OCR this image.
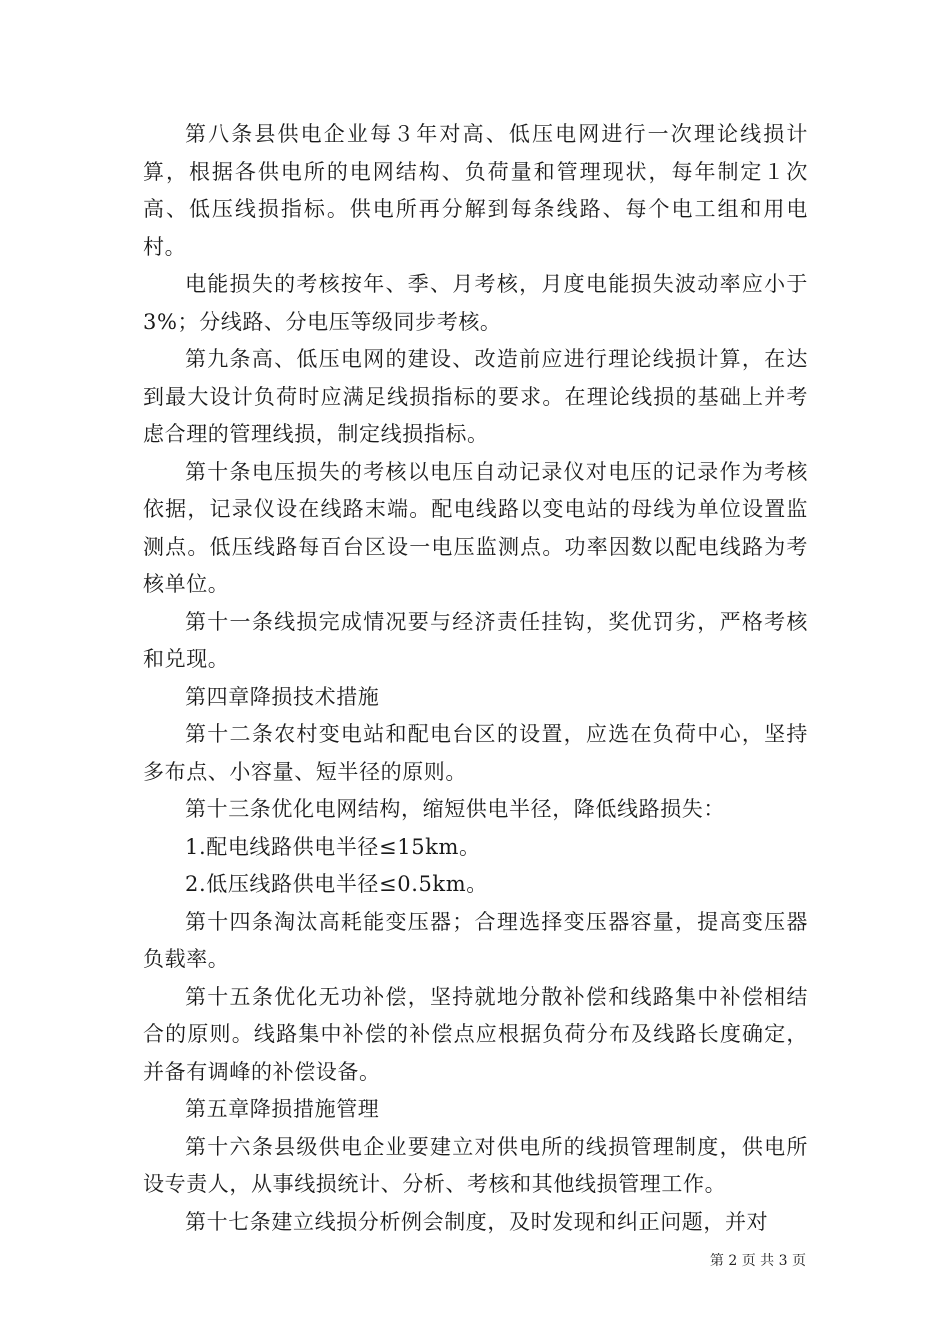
第八条县供电企业每３年对高、低压电网进行一次理论线损计算，根据各供电所的电网结构、负荷量和管理现状，每年制定１次高、低压线损指标。供电所再分解到每条线路、每个电工组和用电村。

电能损失的考核按年、季、月考核，月度电能损失波动率应小于3%；分线路、分电压等级同步考核。

第九条高、低压电网的建设、改造前应进行理论线损计算，在达到最大设计负荷时应满足线损指标的要求。在理论线损的基础上并考虑合理的管理线损，制定线损指标。

第十条电压损失的考核以电压自动记录仪对电压的记录作为考核依据，记录仪设在线路末端。配电线路以变电站的母线为单位设置监测点。低压线路每百台区设一电压监测点。功率因数以配电线路为考核单位。

第十一条线损完成情况要与经济责任挂钩，奖优罚劣，严格考核和兑现。

第四章降损技术措施

第十二条农村变电站和配电台区的设置，应选在负荷中心，坚持多布点、小容量、短半径的原则。

第十三条优化电网结构，缩短供电半径，降低线路损失：

1.配电线路供电半径≤15km。

2.低压线路供电半径≤0.5km。

第十四条淘汰高耗能变压器；合理选择变压器容量，提高变压器负载率。

第十五条优化无功补偿，坚持就地分散补偿和线路集中补偿相结合的原则。线路集中补偿的补偿点应根据负荷分布及线路长度确定，并备有调峰的补偿设备。

第五章降损措施管理

第十六条县级供电企业要建立对供电所的线损管理制度，供电所设专责人，从事线损统计、分析、考核和其他线损管理工作。

第十七条建立线损分析例会制度，及时发现和纠正问题，并对

第 2 页 共 3 页
